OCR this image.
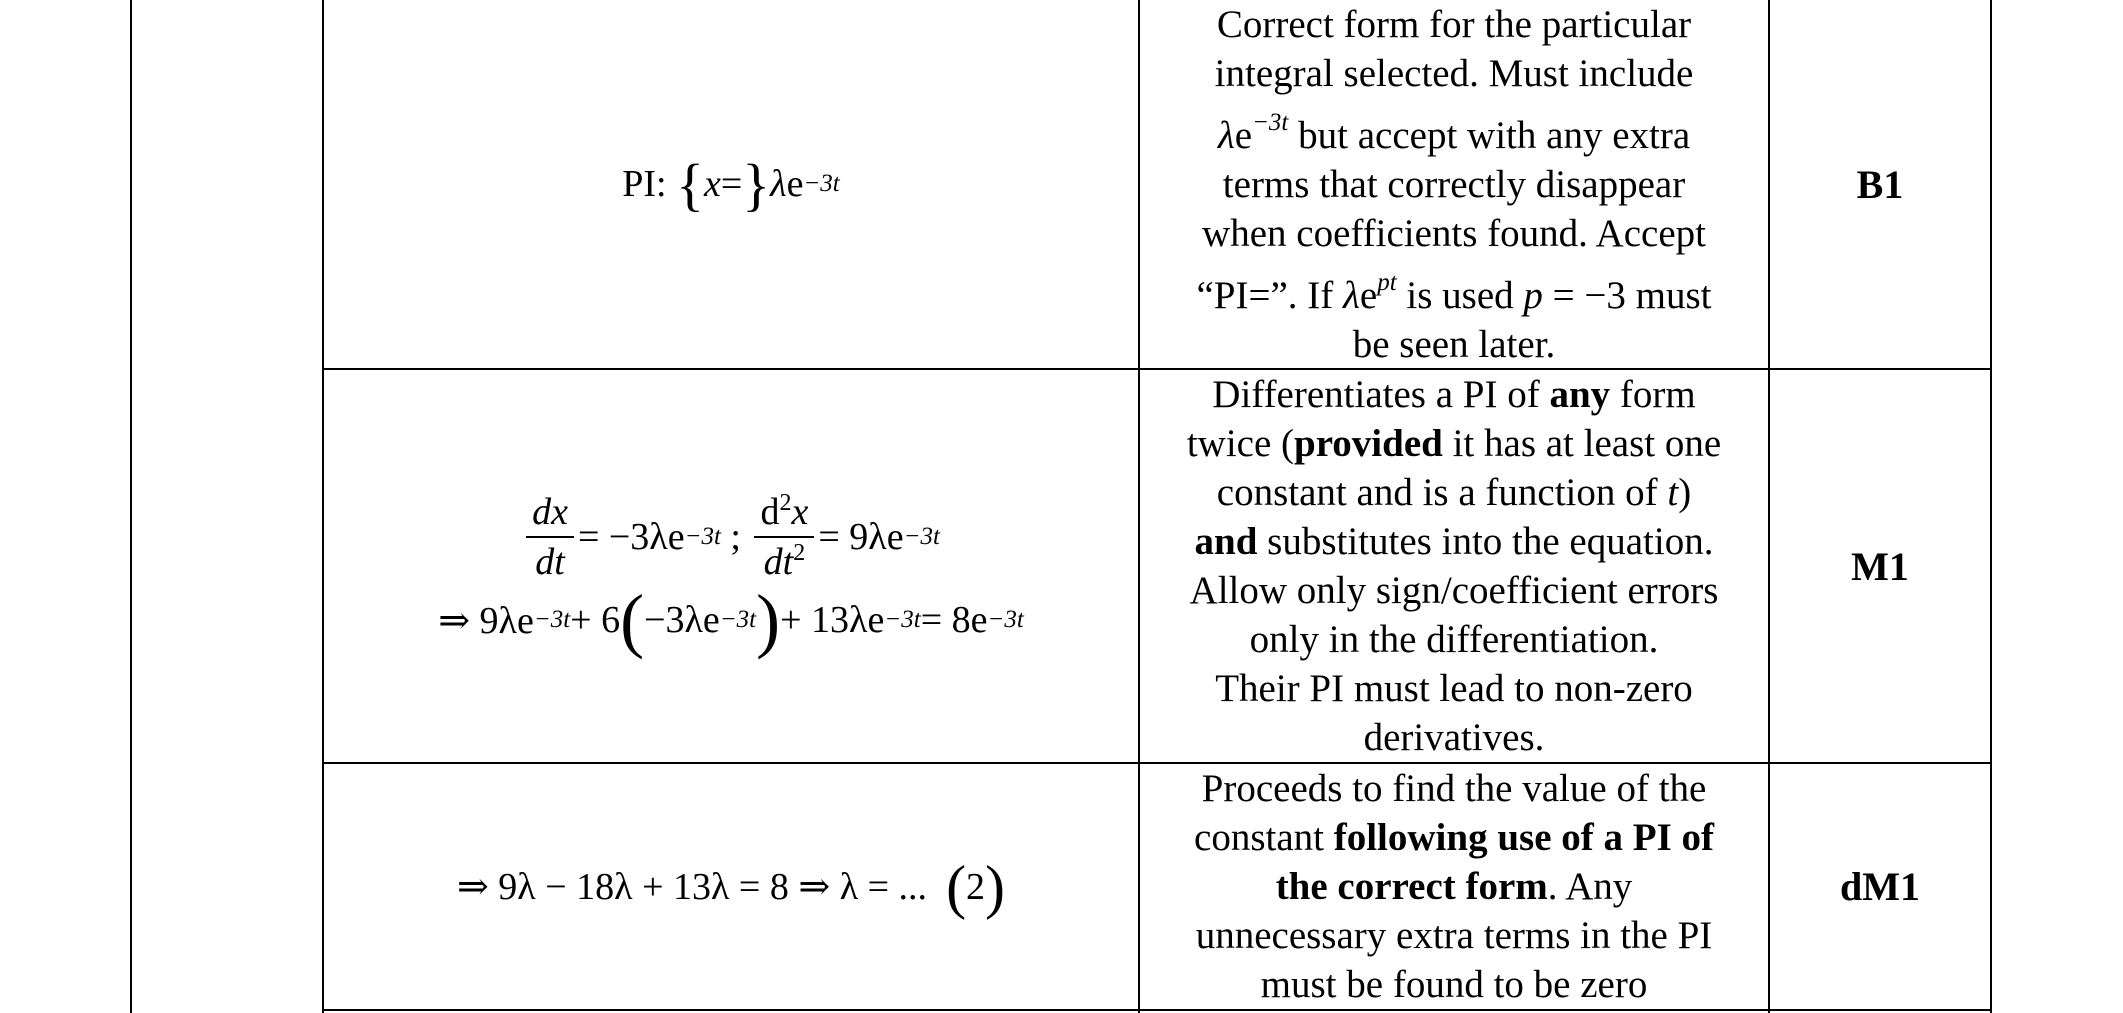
PI:
{ x = } λ e −3t
Correct form for the particular
integral selected. Must include
$\lambda e^{-3t}$ but accept with any extra
terms that correctly disappear
when coefficients found. Accept
“PI=”. If $\lambda e^{pt}$ is used p = −3 must
be seen later.
B1
$\frac{dx}{dt} = -3\lambda e -3t$
;
$\frac{d^2x}{dt^2} = 9\lambda e -3t$
⇒ 9λe −3t + 6 ( −3λe −3t ) + 13λe −3t = 8e −3t
Differentiates a PI of any form
twice (provided it has at least one
constant and is a function of t)
and substitutes into the equation.
Allow only sign/coefficient errors
only in the differentiation.
Their PI must lead to non-zero
derivatives.
M1
⇒ 9λ − 18λ + 13λ = 8 ⇒ λ = ...
( 2 )
Proceeds to find the value of the
constant following use of a PI of
the correct form. Any
unnecessary extra terms in the PI
must be found to be zero
dM1
